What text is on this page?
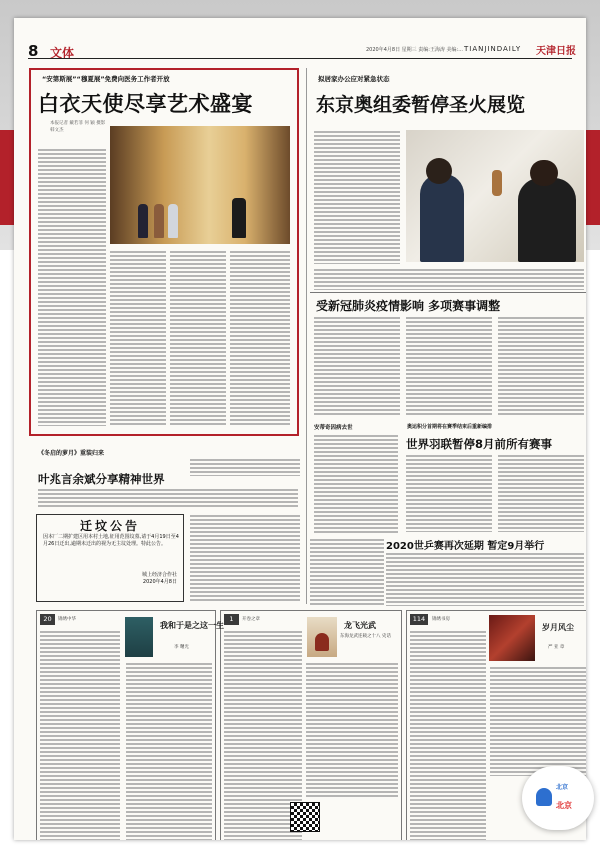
8 文体	2020年4月8日 星期三 责编:王海涛 美编:... TIANJINDAILY 天津日报
“安第斯展”“穆夏展”免费向医务工作者开放
白衣天使尽享艺术盛宴
本报记者 戴若菲 何 颖 摄影 韩文杰
拟居家办公应对紧急状态
东京奥组委暂停圣火展览
受新冠肺炎疫情影响 多项赛事调整
安蒂奇因病去世	奥运积分首期将在赛季结束后重新编排
世界羽联暂停8月前所有赛事
《冬启的萝月》重装归来
叶兆言余斌分享精神世界
迁坟公告
因本厂二期扩建区用本村土地,征用范围坟墓,请于4月19日至4月26日迁出,逾期未迁出的视为无主坟处理。特此公告。
城上经济合作社
2020年4月8日
2020世乒赛再次延期 暂定9月举行
20	锦绣中华
我和于是之这一生
李 曙光
1	开卷之章
龙飞光武
东海龙武连载之十八 史话
114	锦绣书房
岁月风尘
严 亚 章
北京
北京
